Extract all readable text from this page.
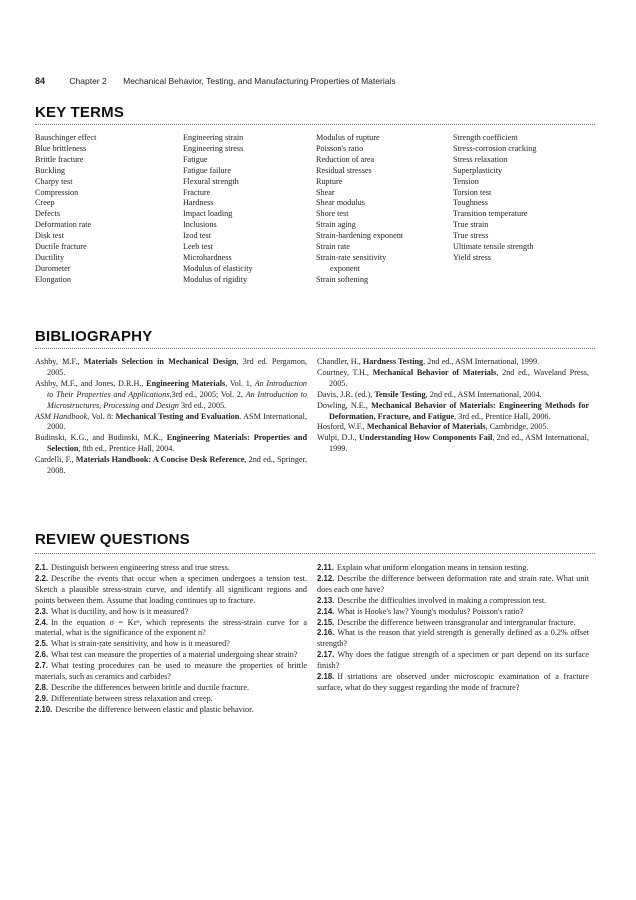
84	Chapter 2 Mechanical Behavior, Testing, and Manufacturing Properties of Materials
KEY TERMS
Bauschinger effect
Blue brittleness
Brittle fracture
Buckling
Charpy test
Compression
Creep
Defects
Deformation rate
Disk test
Ductile fracture
Ductility
Durometer
Elongation
Engineering strain
Engineering stress
Fatigue
Fatigue failure
Flexural strength
Fracture
Hardness
Impact loading
Inclusions
Izod test
Leeb test
Microhardness
Modulus of elasticity
Modulus of rigidity
Modulus of rupture
Poisson's ratio
Reduction of area
Residual stresses
Rupture
Shear
Shear modulus
Shore test
Strain aging
Strain-hardening exponent
Strain rate
Strain-rate sensitivity
exponent
Strain softening
Strength coefficient
Stress-corrosion cracking
Stress relaxation
Superplasticity
Tension
Torsion test
Toughness
Transition temperature
True strain
True stress
Ultimate tensile strength
Yield stress
BIBLIOGRAPHY
Ashby, M.F., Materials Selection in Mechanical Design, 3rd ed. Pergamon, 2005.
Ashby, M.F., and Jones, D.R.H., Engineering Materials, Vol. 1, An Introduction to Their Properties and Applications,3rd ed., 2005; Vol. 2, An Introduction to Microstructures, Processing and Design 3rd ed., 2005.
ASM Handbook, Vol. 8: Mechanical Testing and Evaluation. ASM International, 2000.
Budinski, K.G., and Budinski, M.K., Engineering Materials: Properties and Selection, 8th ed., Prentice Hall, 2004.
Cardelli, F., Materials Handbook: A Concise Desk Reference, 2nd ed., Springer, 2008.
Chandler, H., Hardness Testing, 2nd ed., ASM International, 1999.
Courtney, T.H., Mechanical Behavior of Materials, 2nd ed., Waveland Press, 2005.
Davis, J.R. (ed.), Tensile Testing, 2nd ed., ASM International, 2004.
Dowling, N.E., Mechanical Behavior of Materials: Engineering Methods for Deformation, Fracture, and Fatigue, 3rd ed., Prentice Hall, 2006.
Hosford, W.F., Mechanical Behavior of Materials, Cambridge, 2005.
Wulpi, D.J., Understanding How Components Fail, 2nd ed., ASM International, 1999.
REVIEW QUESTIONS
2.1. Distinguish between engineering stress and true stress.
2.2. Describe the events that occur when a specimen undergoes a tension test. Sketch a plausible stress-strain curve, and identify all significant regions and points between them. Assume that loading continues up to fracture.
2.3. What is ductility, and how is it measured?
2.4. In the equation σ = Kεⁿ, which represents the stress-strain curve for a material, what is the significance of the exponent n?
2.5. What is strain-rate sensitivity, and how is it measured?
2.6. What test can measure the properties of a material undergoing shear strain?
2.7. What testing procedures can be used to measure the properties of brittle materials, such as ceramics and carbides?
2.8. Describe the differences between brittle and ductile fracture.
2.9. Differentiate between stress relaxation and creep.
2.10. Describe the difference between elastic and plastic behavior.
2.11. Explain what uniform elongation means in tension testing.
2.12. Describe the difference between deformation rate and strain rate. What unit does each one have?
2.13. Describe the difficulties involved in making a compression test.
2.14. What is Hooke's law? Young's modulus? Poisson's ratio?
2.15. Describe the difference between transgranular and intergranular fracture.
2.16. What is the reason that yield strength is generally defined as a 0.2% offset strength?
2.17. Why does the fatigue strength of a specimen or part depend on its surface finish?
2.18. If striations are observed under microscopic examination of a fracture surface, what do they suggest regarding the mode of fracture?
